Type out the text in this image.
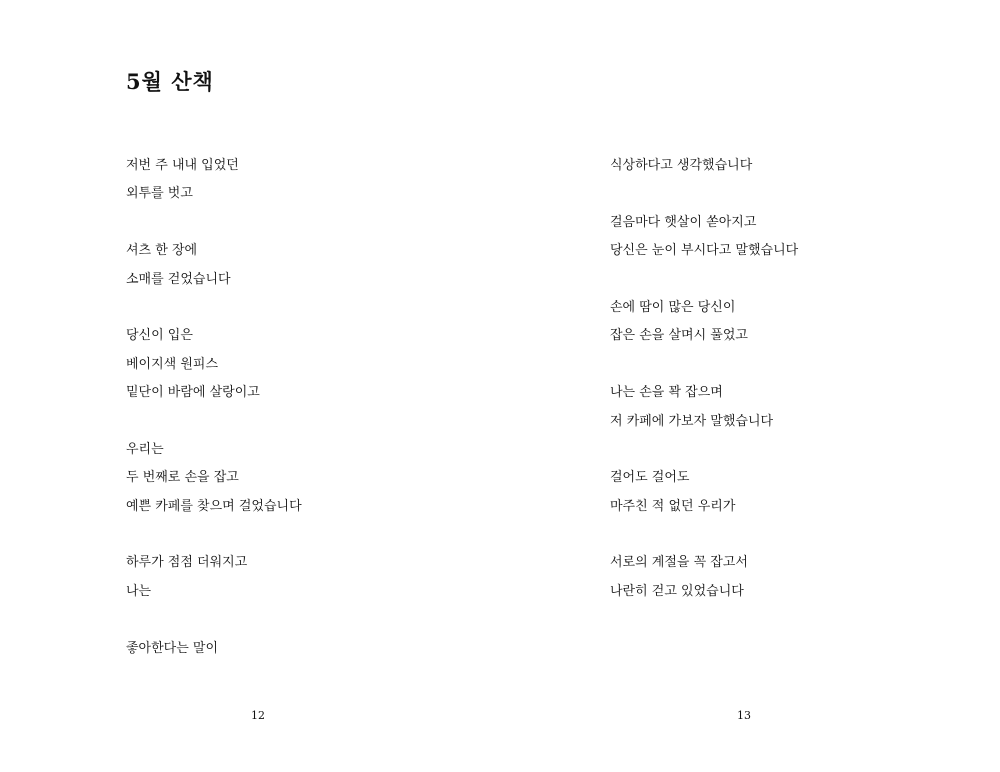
5월 산책
저번 주 내내 입었던
외투를 벗고
셔츠 한 장에
소매를 걷었습니다
당신이 입은
베이지색 원피스
밑단이 바람에 살랑이고
우리는
두 번째로 손을 잡고
예쁜 카페를 찾으며 걸었습니다
하루가 점점 더워지고
나는
좋아한다는 말이
12
식상하다고 생각했습니다
걸음마다 햇살이 쏟아지고
당신은 눈이 부시다고 말했습니다
손에 땀이 많은 당신이
잡은 손을 살며시 풀었고
나는 손을 꽉 잡으며
저 카페에 가보자 말했습니다
걸어도 걸어도
마주친 적 없던 우리가
서로의 계절을 꼭 잡고서
나란히 걷고 있었습니다
13
